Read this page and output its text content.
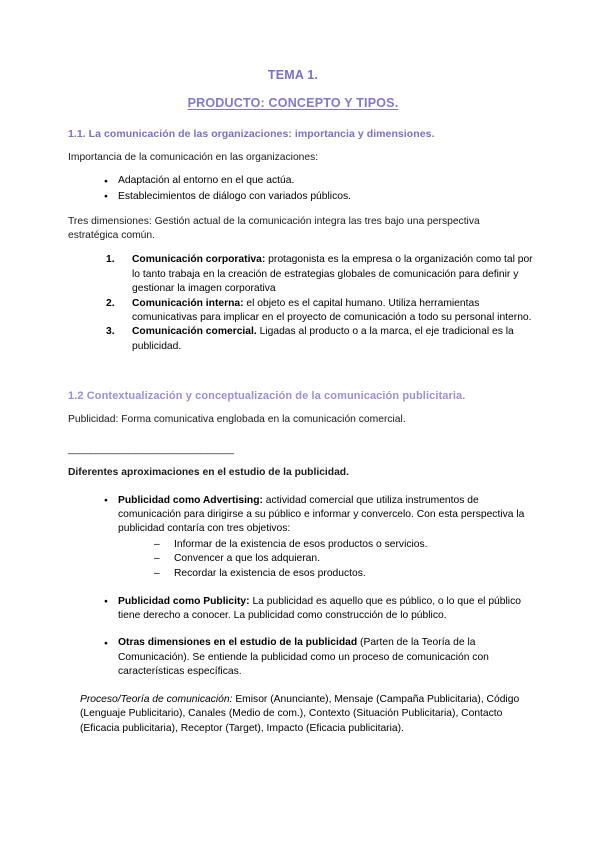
TEMA 1.
PRODUCTO: CONCEPTO Y TIPOS.
1.1. La comunicación de las organizaciones: importancia y dimensiones.

Importancia de la comunicación en las organizaciones:

● Adaptación al entorno en el que actúa.
● Establecimientos de diálogo con variados públicos.

Tres dimensiones: Gestión actual de la comunicación integra las tres bajo una perspectiva estratégica común.

Comunicación corporativa: protagonista es la empresa o la organización como tal por lo tanto trabaja en la creación de estrategias globales de comunicación para definir y gestionar la imagen corporativa
Comunicación interna: el objeto es el capital humano. Utiliza herramientas comunicativas para implicar en el proyecto de comunicación a todo su personal interno.
Comunicación comercial. Ligadas al producto o a la marca, el eje tradicional es la publicidad.
1.2 Contextualización y conceptualización de la comunicación publicitaria.

Publicidad: Forma comunicativa englobada en la comunicación comercial.

______________________________

Diferentes aproximaciones en el estudio de la publicidad.

● Publicidad como Advertising: actividad comercial que utiliza instrumentos de comunicación para dirigirse a su público e informar y convercelo. Con esta perspectiva la publicidad contaría con tres objetivos:
– Informar de la existencia de esos productos o servicios.
– Convencer a que los adquieran.
– Recordar la existencia de esos productos.
● Publicidad como Publicity: La publicidad es aquello que es público, o lo que el público tiene derecho a conocer. La publicidad como construcción de lo público.
● Otras dimensiones en el estudio de la publicidad (Parten de la Teoría de la Comunicación). Se entiende la publicidad como un proceso de comunicación con características específicas.

Proceso/Teoría de comunicación: Emisor (Anunciante), Mensaje (Campaña Publicitaria), Código (Lenguaje Publicitario), Canales (Medio de com.), Contexto (Situación Publicitaria), Contacto (Eficacia publicitaria), Receptor (Target), Impacto (Eficacia publicitaria).
